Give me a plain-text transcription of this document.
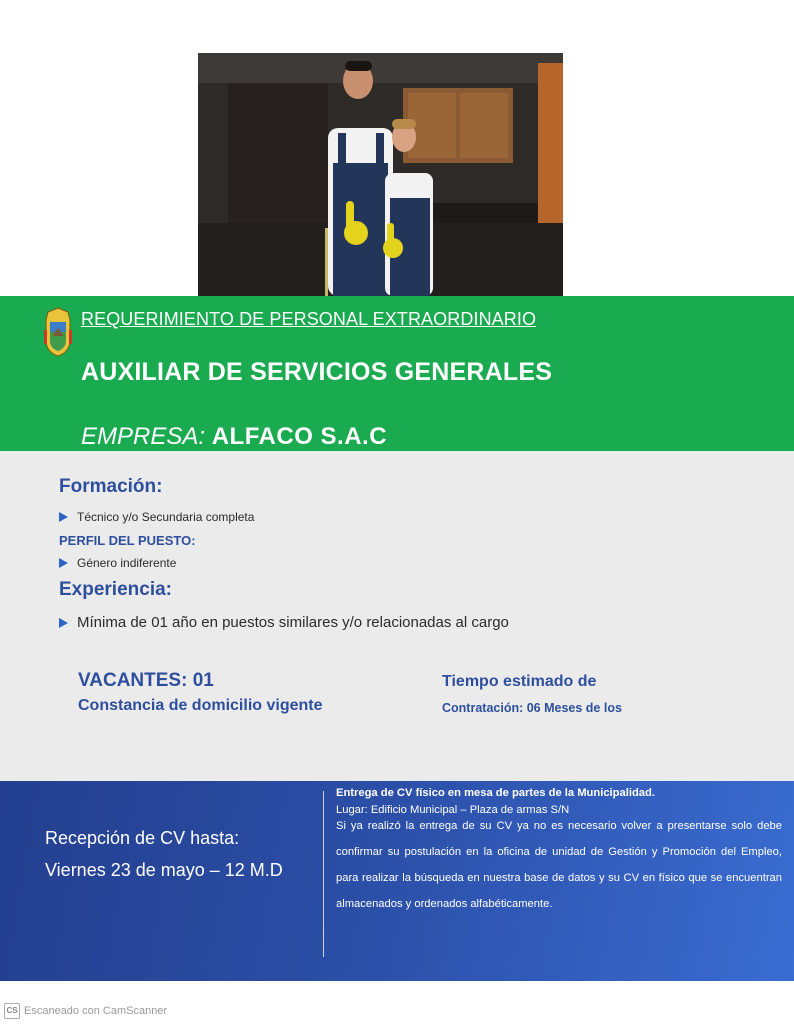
REQUERIMIENTO DE PERSONAL EXTRAORDINARIO
AUXILIAR DE SERVICIOS GENERALES
EMPRESA: ALFACO S.A.C
Formación:
Técnico y/o Secundaria completa
PERFIL DEL PUESTO:
Género indiferente
Experiencia:
Mínima de 01 año en puestos similares y/o relacionadas al cargo
VACANTES: 01
Constancia de domicilio vigente
Tiempo estimado de
Contratación: 06 Meses de los
Recepción de CV hasta:
Viernes 23 de mayo – 12 M.D
Entrega de CV físico en mesa de partes de la Municipalidad.
Lugar: Edificio Municipal – Plaza de armas S/N
Si ya realizó la entrega de su CV ya no es necesario volver a presentarse solo debe confirmar su postulación en la oficina de unidad de Gestión y Promoción del Empleo, para realizar la búsqueda en nuestra base de datos y su CV en físico que se encuentran almacenados y ordenados alfabéticamente.
CS Escaneado con CamScanner
